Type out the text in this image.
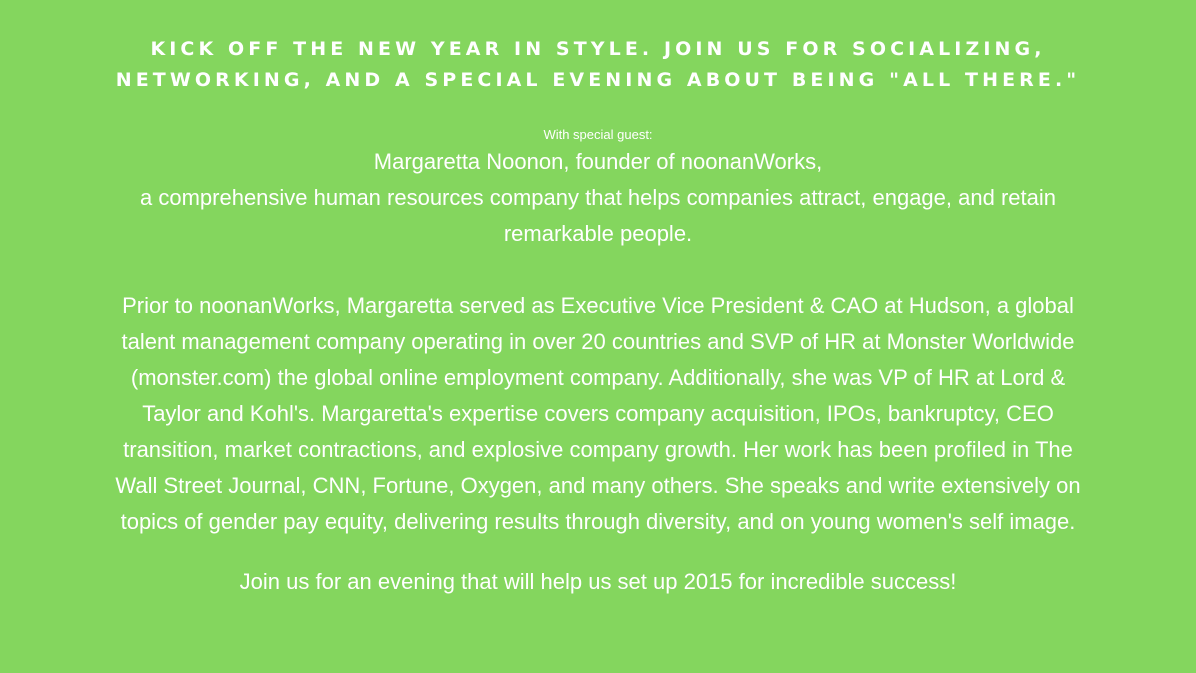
KICK OFF THE NEW YEAR IN STYLE. JOIN US FOR SOCIALIZING,
NETWORKING, AND A SPECIAL EVENING ABOUT BEING "ALL THERE."
With special guest:
Margaretta Noonon, founder of noonanWorks,
a comprehensive human resources company that helps companies attract, engage, and retain remarkable people.
Prior to noonanWorks, Margaretta served as Executive Vice President & CAO at Hudson, a global talent management company operating in over 20 countries and SVP of HR at Monster Worldwide (monster.com) the global online employment company. Additionally, she was VP of HR at Lord & Taylor and Kohl's. Margaretta's expertise covers company acquisition, IPOs, bankruptcy, CEO transition, market contractions, and explosive company growth. Her work has been profiled in The Wall Street Journal, CNN, Fortune, Oxygen, and many others. She speaks and write extensively on topics of gender pay equity, delivering results through diversity, and on young women's self image.
Join us for an evening that will help us set up 2015 for incredible success!
